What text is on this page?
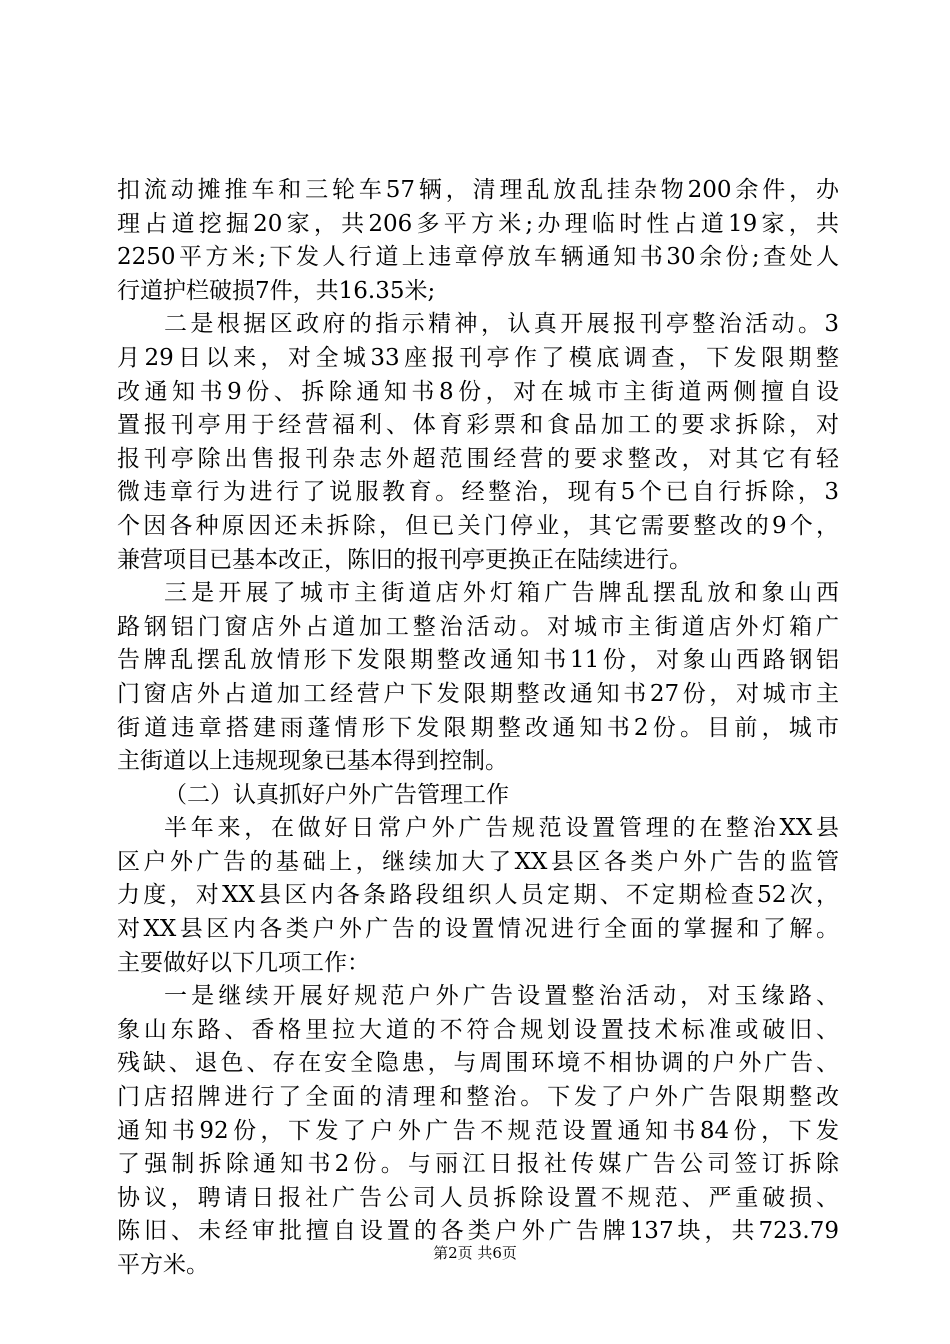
扣流动摊推车和三轮车57辆，清理乱放乱挂杂物200余件，办
理占道挖掘20家，共206多平方米;办理临时性占道19家，共
2250平方米;下发人行道上违章停放车辆通知书30余份;查处人
行道护栏破损7件，共16.35米;
二是根据区政府的指示精神，认真开展报刊亭整治活动。3
月29日以来，对全城33座报刊亭作了模底调查，下发限期整
改通知书9份、拆除通知书8份，对在城市主街道两侧擅自设
置报刊亭用于经营福利、体育彩票和食品加工的要求拆除，对
报刊亭除出售报刊杂志外超范围经营的要求整改，对其它有轻
微违章行为进行了说服教育。经整治，现有5个已自行拆除，3
个因各种原因还未拆除，但已关门停业，其它需要整改的9个，
兼营项目已基本改正，陈旧的报刊亭更换正在陆续进行。
三是开展了城市主街道店外灯箱广告牌乱摆乱放和象山西
路钢铝门窗店外占道加工整治活动。对城市主街道店外灯箱广
告牌乱摆乱放情形下发限期整改通知书11份，对象山西路钢铝
门窗店外占道加工经营户下发限期整改通知书27份，对城市主
街道违章搭建雨蓬情形下发限期整改通知书2份。目前，城市
主街道以上违规现象已基本得到控制。
（二）认真抓好户外广告管理工作
半年来，在做好日常户外广告规范设置管理的在整治XX县
区户外广告的基础上，继续加大了XX县区各类户外广告的监管
力度，对XX县区内各条路段组织人员定期、不定期检查52次，
对XX县区内各类户外广告的设置情况进行全面的掌握和了解。
主要做好以下几项工作：
一是继续开展好规范户外广告设置整治活动，对玉缘路、
象山东路、香格里拉大道的不符合规划设置技术标准或破旧、
残缺、退色、存在安全隐患，与周围环境不相协调的户外广告、
门店招牌进行了全面的清理和整治。下发了户外广告限期整改
通知书92份，下发了户外广告不规范设置通知书84份，下发
了强制拆除通知书2份。与丽江日报社传媒广告公司签订拆除
协议，聘请日报社广告公司人员拆除设置不规范、严重破损、
陈旧、未经审批擅自设置的各类户外广告牌137块，共723.79
平方米。	第2页 共6页
